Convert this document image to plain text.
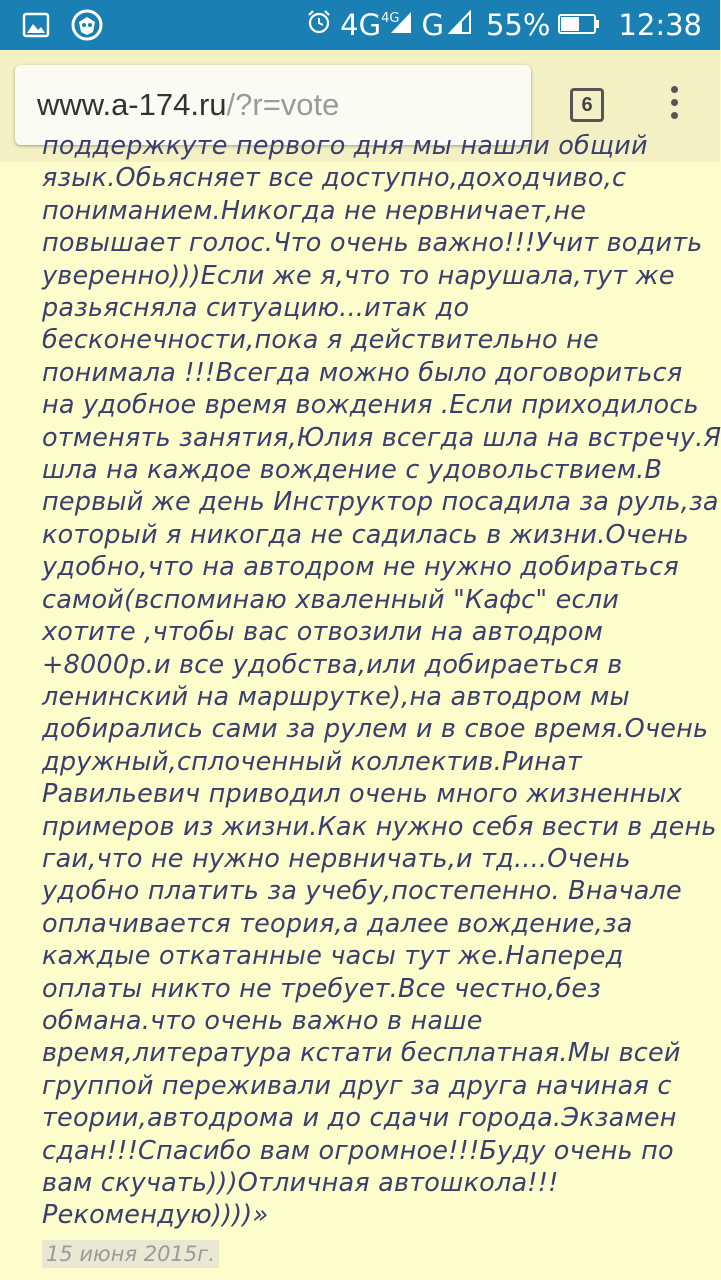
4G 4G G 55% 12:38
www.a-174.ru /?r=vote	6

поддержкуте первого дня мы нашли общий
язык.Обьясняет все доступно,доходчиво,с
пониманием.Никогда не нервничает,не
повышает голос.Что очень важно!!!Учит водить
уверенно)))Если же я,что то нарушала,тут же
разьясняла ситуацию...итак до
бесконечности,пока я действительно не
понимала !!!Всегда можно было договориться
на удобное время вождения .Если приходилось
отменять занятия,Юлия всегда шла на встречу.Я
шла на каждое вождение с удовольствием.В
первый же день Инструктор посадила за руль,за
который я никогда не садилась в жизни.Очень
удобно,что на автодром не нужно добираться
самой(вспоминаю хваленный "Кафс" если
хотите ,чтобы вас отвозили на автодром
+8000р.и все удобства,или добираеться в
ленинский на маршрутке),на автодром мы
добирались сами за рулем и в свое время.Очень
дружный,сплоченный коллектив.Ринат
Равильевич приводил очень много жизненных
примеров из жизни.Как нужно себя вести в день
гаи,что не нужно нервничать,и тд....Очень
удобно платить за учебу,постепенно. Вначале
оплачивается теория,а далее вождение,за
каждые откатанные часы тут же.Наперед
оплаты никто не требует.Все честно,без
обмана.что очень важно в наше
время,литература кстати бесплатная.Мы всей
группой переживали друг за друга начиная с
теории,автодрома и до сдачи города.Экзамен
сдан!!!Спасибо вам огромное!!!Буду очень по
вам скучать)))Отличная автошкола!!!
Рекомендую))))»

15 июня 2015г.
